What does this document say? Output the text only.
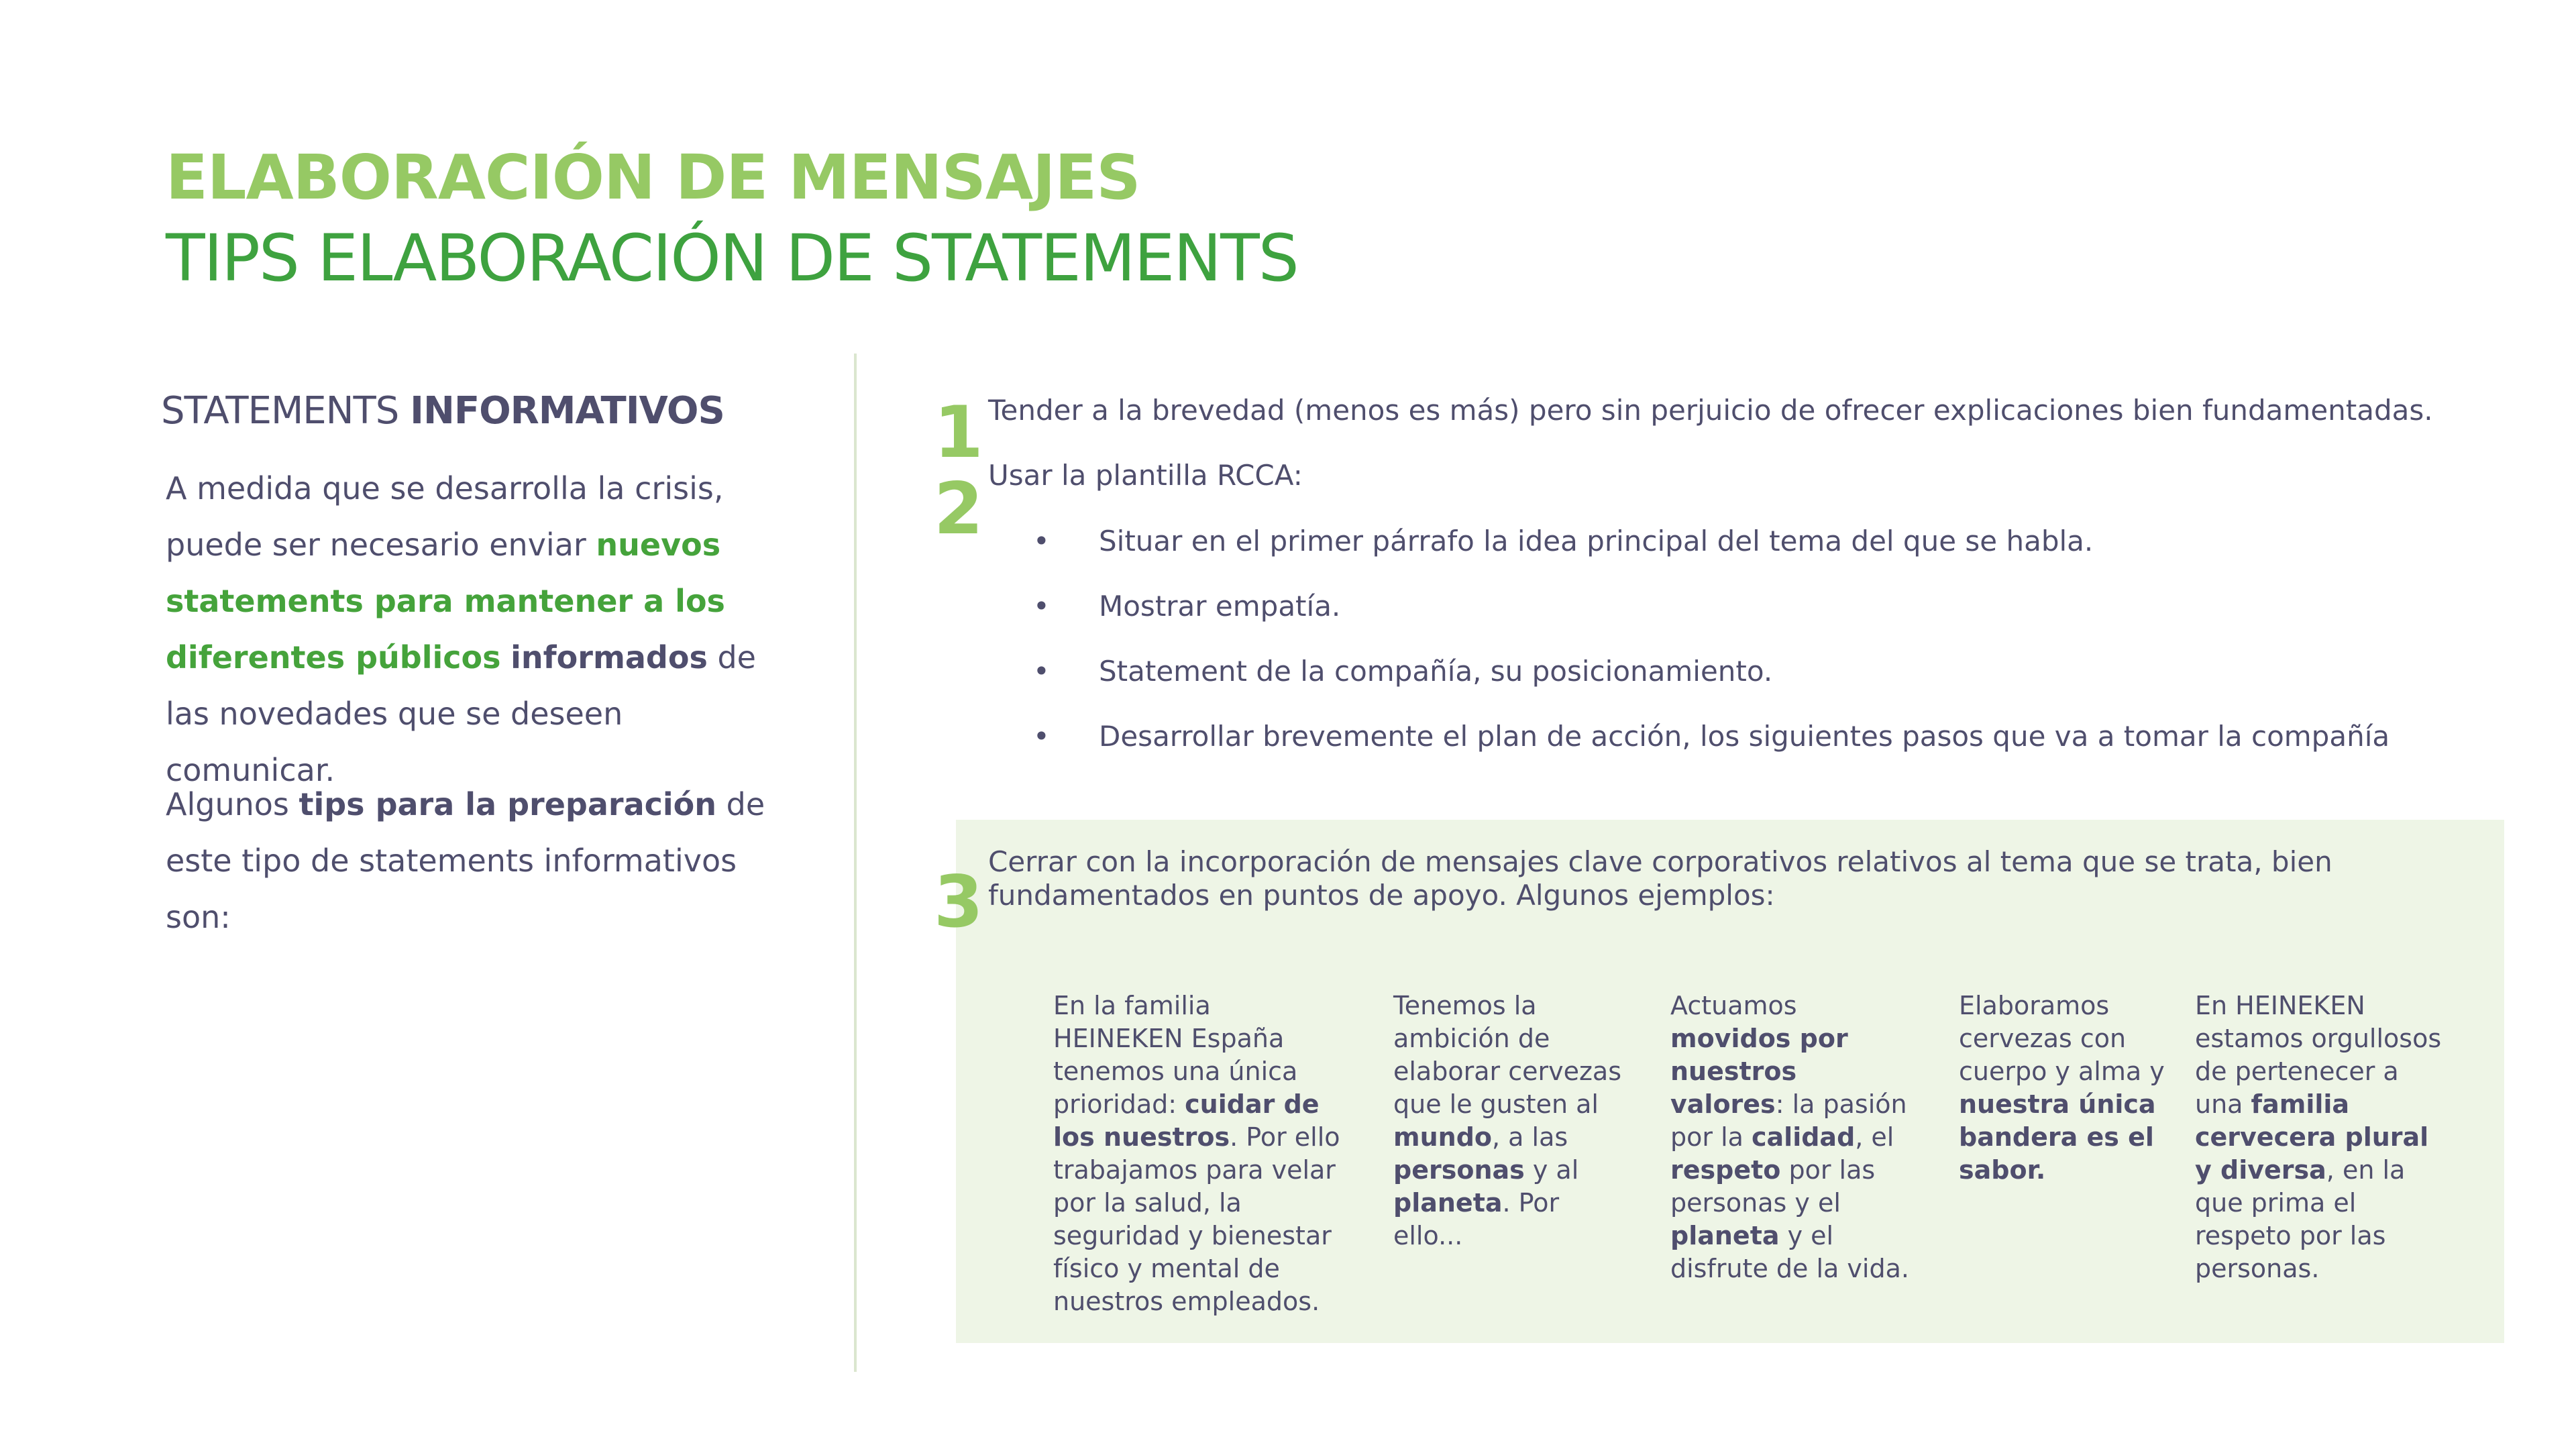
ELABORACIÓN DE MENSAJES
TIPS ELABORACIÓN DE STATEMENTS
STATEMENTS INFORMATIVOS

A medida que se desarrolla la crisis, puede ser necesario enviar nuevos statements para mantener a los diferentes públicos informados de las novedades que se deseen comunicar.

Algunos tips para la preparación de este tipo de statements informativos son:

1 Tender a la brevedad (menos es más) pero sin perjuicio de ofrecer explicaciones bien fundamentadas.

2 Usar la plantilla RCCA:

• Situar en el primer párrafo la idea principal del tema del que se habla.
• Mostrar empatía.
• Statement de la compañía, su posicionamiento.
• Desarrollar brevemente el plan de acción, los siguientes pasos que va a tomar la compañía
3 Cerrar con la incorporación de mensajes clave corporativos relativos al tema que se trata, bien fundamentados en puntos de apoyo. Algunos ejemplos:

En la familia HEINEKEN España tenemos una única prioridad: cuidar de los nuestros. Por ello trabajamos para velar por la salud, la seguridad y bienestar físico y mental de nuestros empleados.

Tenemos la ambición de elaborar cervezas que le gusten al mundo, a las personas y al planeta. Por ello...

Actuamos movidos por nuestros valores: la pasión por la calidad, el respeto por las personas y el planeta y el disfrute de la vida.

Elaboramos cervezas con cuerpo y alma y nuestra única bandera es el sabor.

En HEINEKEN estamos orgullosos de pertenecer a una familia cervecera plural y diversa, en la que prima el respeto por las personas.
